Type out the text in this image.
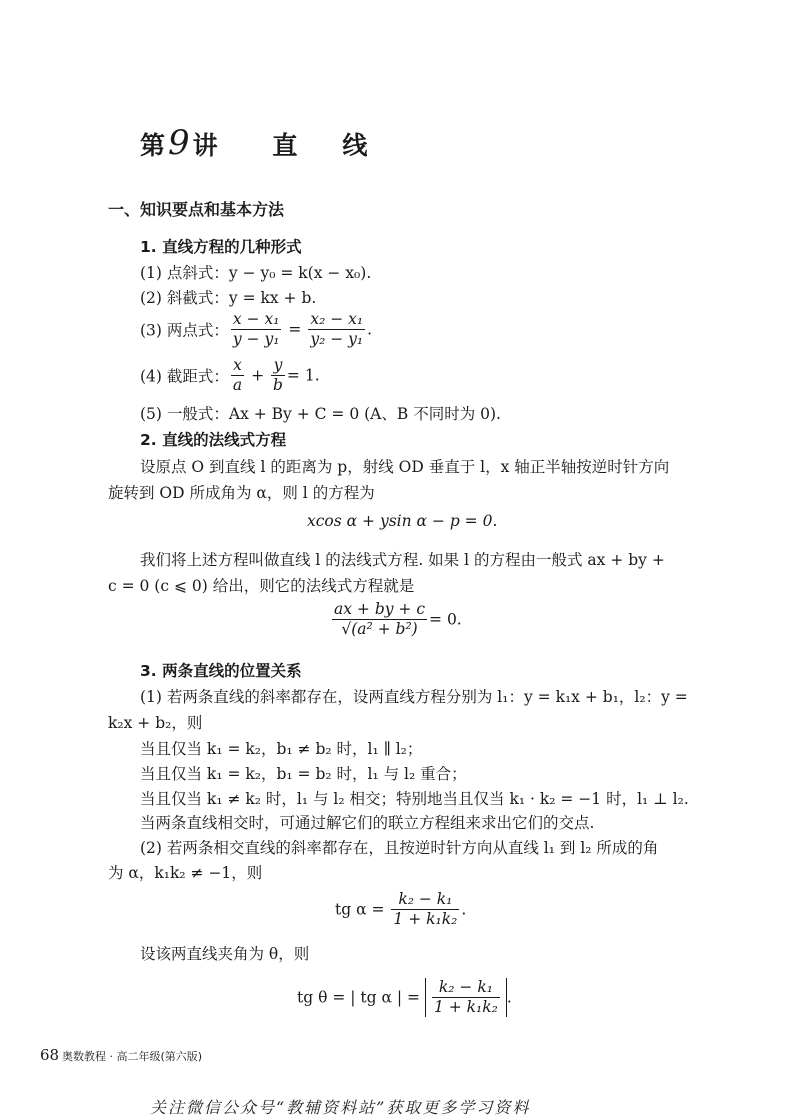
第9讲 直 线
一、知识要点和基本方法
1. 直线方程的几种形式
(1) 点斜式：y − y₀ = k(x − x₀).
(2) 斜截式：y = kx + b.
(3) 两点式： $\frac{\text{x − x₁}}{\text{y − y₁}} = \frac{\text{x₂ − x₁}}{\text{y₂ − y₁}}$ .
(4) 截距式： $\frac{x}{a} + \frac{y}{b} = 1$.
(5) 一般式：Ax + By + C = 0 (A、B 不同时为 0).
2. 直线的法线式方程
设原点 O 到直线 l 的距离为 p，射线 OD 垂直于 l，x 轴正半轴按逆时针方向
旋转到 OD 所成角为 α，则 l 的方程为
xcos α + ysin α − p = 0.
我们将上述方程叫做直线 l 的法线式方程. 如果 l 的方程由一般式 ax + by +
c = 0 (c ⩽ 0) 给出，则它的法线式方程就是
$\frac{ax + by + c}{\text{√(a² + b²)}} = 0$.
3. 两条直线的位置关系
(1) 若两条直线的斜率都存在，设两直线方程分别为 l₁：y = k₁x + b₁，l₂：y =
k₂x + b₂，则
当且仅当 k₁ = k₂，b₁ ≠ b₂ 时，l₁ ∥ l₂；
当且仅当 k₁ = k₂，b₁ = b₂ 时，l₁ 与 l₂ 重合；
当且仅当 k₁ ≠ k₂ 时，l₁ 与 l₂ 相交；特别地当且仅当 k₁ · k₂ = −1 时，l₁ ⊥ l₂.
当两条直线相交时，可通过解它们的联立方程组来求出它们的交点.
(2) 若两条相交直线的斜率都存在，且按逆时针方向从直线 l₁ 到 l₂ 所成的角
为 α，k₁k₂ ≠ −1，则
tg $\alpha = \frac{\text{k₂ − k₁}}{\text{1 + k₁k₂}}$ .
设该两直线夹角为 θ，则
tg θ = | tg α | = $\frac{\text{k₂ − k₁}}{\text{1 + k₁k₂}}$ .
68 奥数教程 · 高二年级(第六版)
关注微信公众号“教辅资料站”获取更多学习资料
